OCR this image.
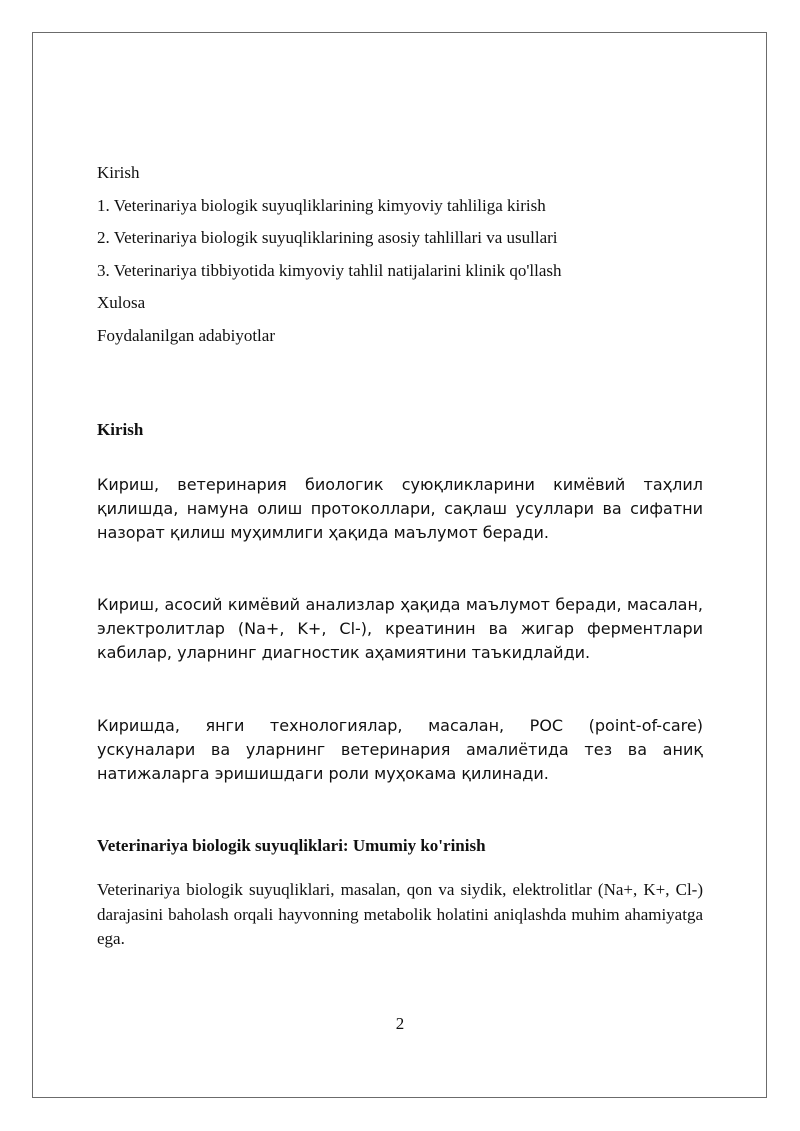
Kirish
1. Veterinariya biologik suyuqliklarining kimyoviy tahliliga kirish
2. Veterinariya biologik suyuqliklarining asosiy tahlillari va usullari
3. Veterinariya tibbiyotida kimyoviy tahlil natijalarini klinik qo'llash
Xulosa
Foydalanilgan adabiyotlar
Kirish
Кириш, ветеринария биологик суюқликларини кимёвий таҳлил қилишда, намуна олиш протоколлари, сақлаш усуллари ва сифатни назорат қилиш муҳимлиги ҳақида маълумот беради.
Кириш, асосий кимёвий анализлар ҳақида маълумот беради, масалан, электролитлар (Na+, K+, Cl-), креатинин ва жигар ферментлари кабилар, уларнинг диагностик аҳамиятини таъкидлайди.
Киришда, янги технологиялар, масалан, POC (point-of-care) ускуналари ва уларнинг ветеринария амалиётида тез ва аниқ натижаларга эришишдаги роли муҳокама қилинади.
Veterinariya biologik suyuqliklari: Umumiy ko'rinish
Veterinariya biologik suyuqliklari, masalan, qon va siydik, elektrolitlar (Na+, K+, Cl-) darajasini baholash orqali hayvonning metabolik holatini aniqlashda muhim ahamiyatga ega.
2
